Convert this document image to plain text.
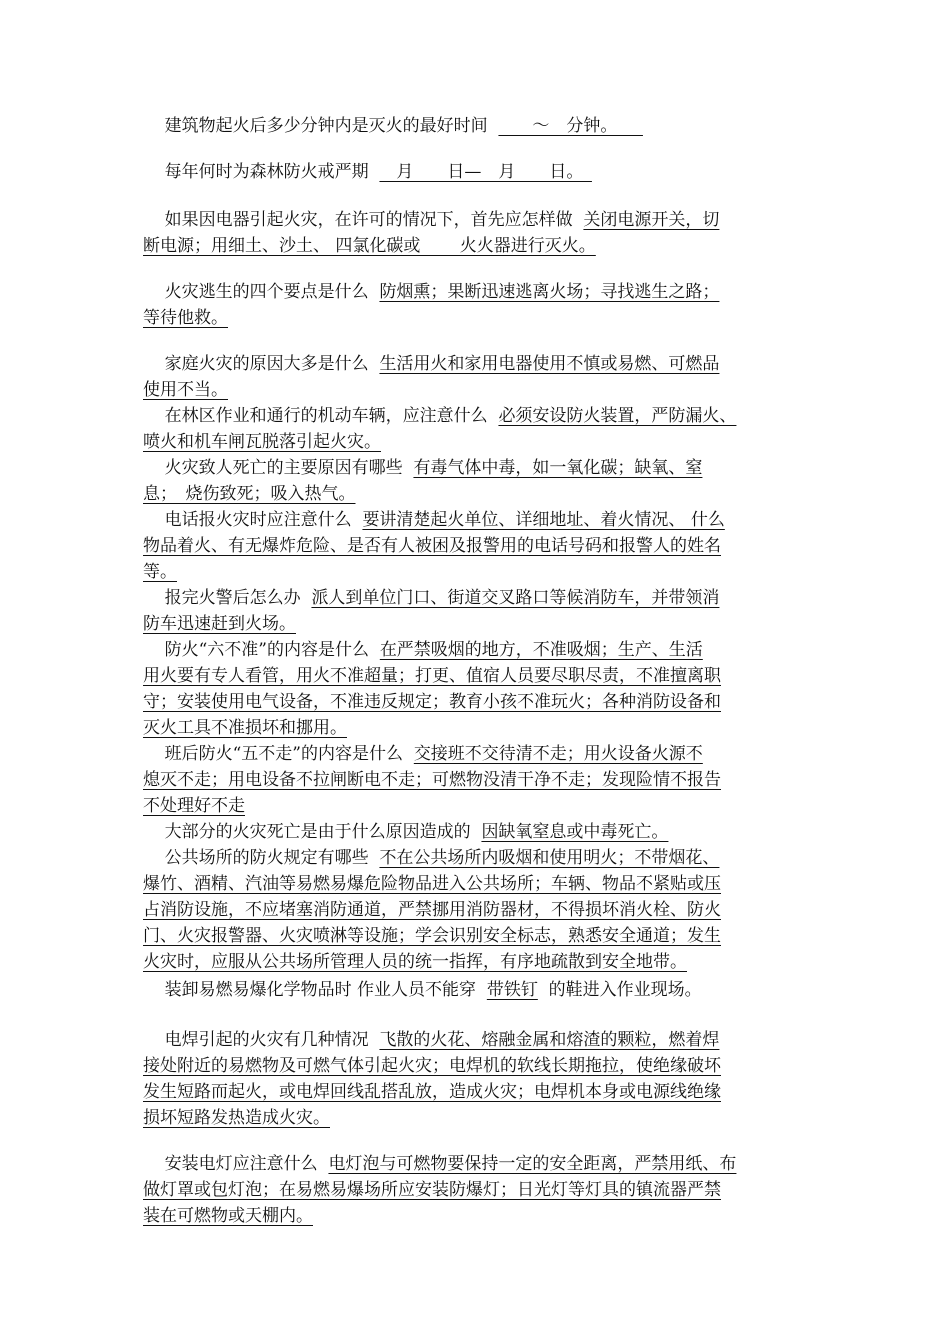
建筑物起火后多少分钟内是灭火的最好时间  　　～　分钟。　　
每年何时为森林防火戒严期  　月　　日—　月　　日。　
如果因电器引起火灾，在许可的情况下，首先应怎样做  关闭电源开关，切
断电源；用细土、沙土、 四氯化碳或　　 火火器进行灭火。
火灾逃生的四个要点是什么  防烟熏；果断迅速逃离火场；寻找逃生之路；
等待他救。
家庭火灾的原因大多是什么  生活用火和家用电器使用不慎或易燃、可燃品
使用不当。
在林区作业和通行的机动车辆，应注意什么  必须安设防火装置，严防漏火、
喷火和机车闸瓦脱落引起火灾。
火灾致人死亡的主要原因有哪些  有毒气体中毒，如一氧化碳；缺氧、窒
息；　烧伤致死；吸入热气。
电话报火灾时应注意什么  要讲清楚起火单位、详细地址、着火情况、 什么
物品着火、有无爆炸危险、是否有人被困及报警用的电话号码和报警人的姓名
等。
报完火警后怎么办  派人到单位门口、街道交叉路口等候消防车，并带领消
防车迅速赶到火场。
防火“六不准”的内容是什么  在严禁吸烟的地方，不准吸烟；生产、生活
用火要有专人看管，用火不准超量；打更、值宿人员要尽职尽责，不准擅离职
守；安装使用电气设备，不准违反规定；教育小孩不准玩火；各种消防设备和
灭火工具不准损坏和挪用。
班后防火“五不走”的内容是什么  交接班不交待清不走；用火设备火源不
熄灭不走；用电设备不拉闸断电不走；可燃物没清干净不走；发现险情不报告
不处理好不走
大部分的火灾死亡是由于什么原因造成的  因缺氧窒息或中毒死亡。
公共场所的防火规定有哪些  不在公共场所内吸烟和使用明火；不带烟花、
爆竹、酒精、汽油等易燃易爆危险物品进入公共场所；车辆、物品不紧贴或压
占消防设施，不应堵塞消防通道，严禁挪用消防器材，不得损坏消火栓、防火
门、火灾报警器、火灾喷淋等设施；学会识别安全标志，熟悉安全通道；发生
火灾时，应服从公共场所管理人员的统一指挥，有序地疏散到安全地带。
装卸易燃易爆化学物品时 作业人员不能穿  带铁钉  的鞋进入作业现场。
电焊引起的火灾有几种情况  飞散的火花、熔融金属和熔渣的颗粒，燃着焊
接处附近的易燃物及可燃气体引起火灾；电焊机的软线长期拖拉，使绝缘破坏
发生短路而起火，或电焊回线乱搭乱放，造成火灾；电焊机本身或电源线绝缘
损坏短路发热造成火灾。
安装电灯应注意什么  电灯泡与可燃物要保持一定的安全距离，严禁用纸、布
做灯罩或包灯泡；在易燃易爆场所应安装防爆灯；日光灯等灯具的镇流器严禁
装在可燃物或天棚内。
